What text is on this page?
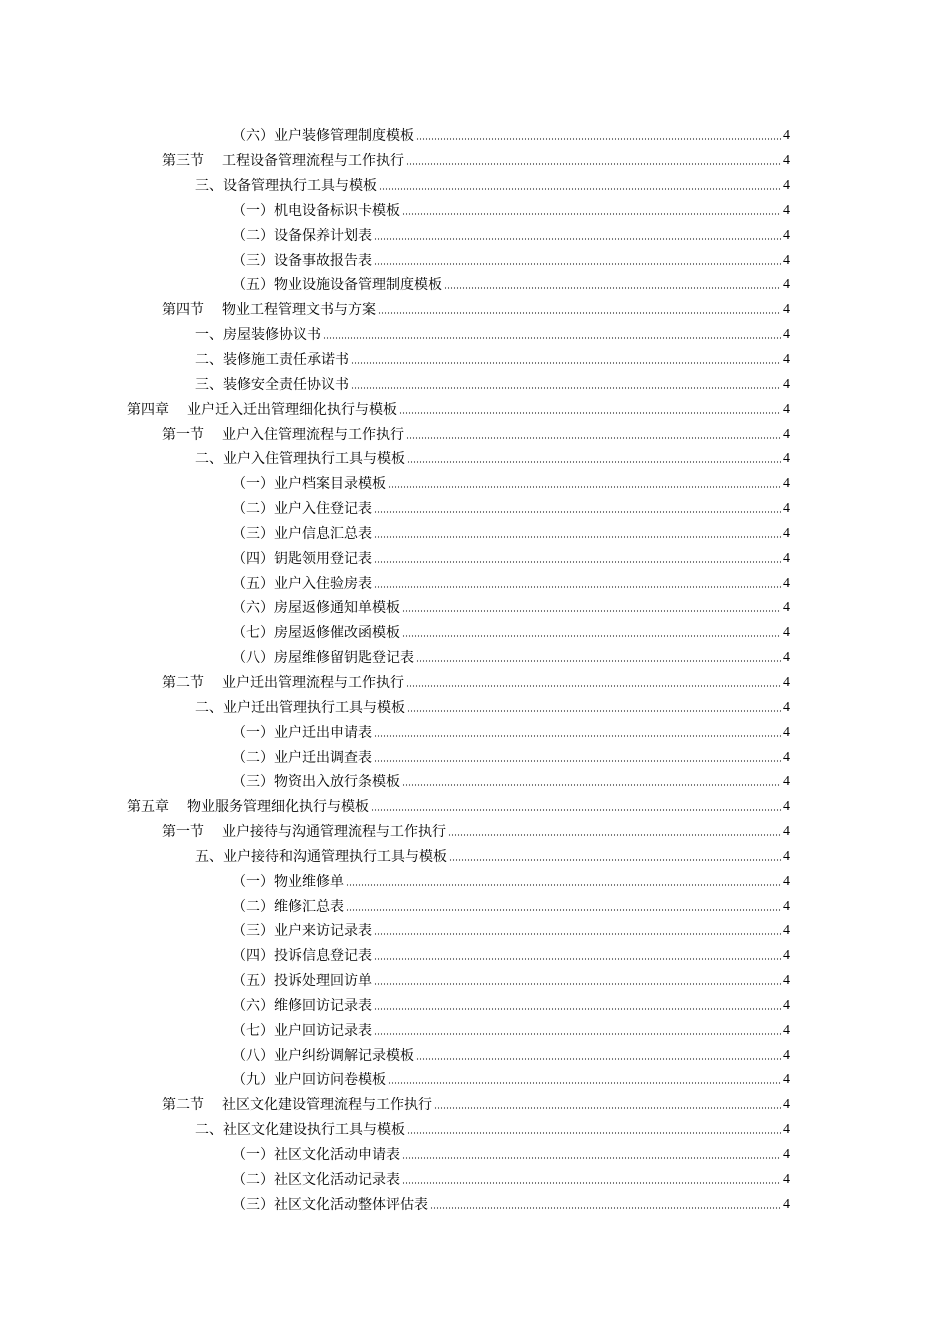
（六）业户装修管理制度模板	4
第三节 工程设备管理流程与工作执行	4
三、设备管理执行工具与模板	4
（一）机电设备标识卡模板	4
（二）设备保养计划表	4
（三）设备事故报告表	4
（五）物业设施设备管理制度模板	4
第四节 物业工程管理文书与方案	4
一、房屋装修协议书	4
二、装修施工责任承诺书	4
三、装修安全责任协议书	4
第四章 业户迁入迁出管理细化执行与模板	4
第一节 业户入住管理流程与工作执行	4
二、业户入住管理执行工具与模板	4
（一）业户档案目录模板	4
（二）业户入住登记表	4
（三）业户信息汇总表	4
（四）钥匙领用登记表	4
（五）业户入住验房表	4
（六）房屋返修通知单模板	4
（七）房屋返修催改函模板	4
（八）房屋维修留钥匙登记表	4
第二节 业户迁出管理流程与工作执行	4
二、业户迁出管理执行工具与模板	4
（一）业户迁出申请表	4
（二）业户迁出调查表	4
（三）物资出入放行条模板	4
第五章 物业服务管理细化执行与模板	4
第一节 业户接待与沟通管理流程与工作执行	4
五、业户接待和沟通管理执行工具与模板	4
（一）物业维修单	4
（二）维修汇总表	4
（三）业户来访记录表	4
（四）投诉信息登记表	4
（五）投诉处理回访单	4
（六）维修回访记录表	4
（七）业户回访记录表	4
（八）业户纠纷调解记录模板	4
（九）业户回访问卷模板	4
第二节 社区文化建设管理流程与工作执行	4
二、社区文化建设执行工具与模板	4
（一）社区文化活动申请表	4
（二）社区文化活动记录表	4
（三）社区文化活动整体评估表	4
